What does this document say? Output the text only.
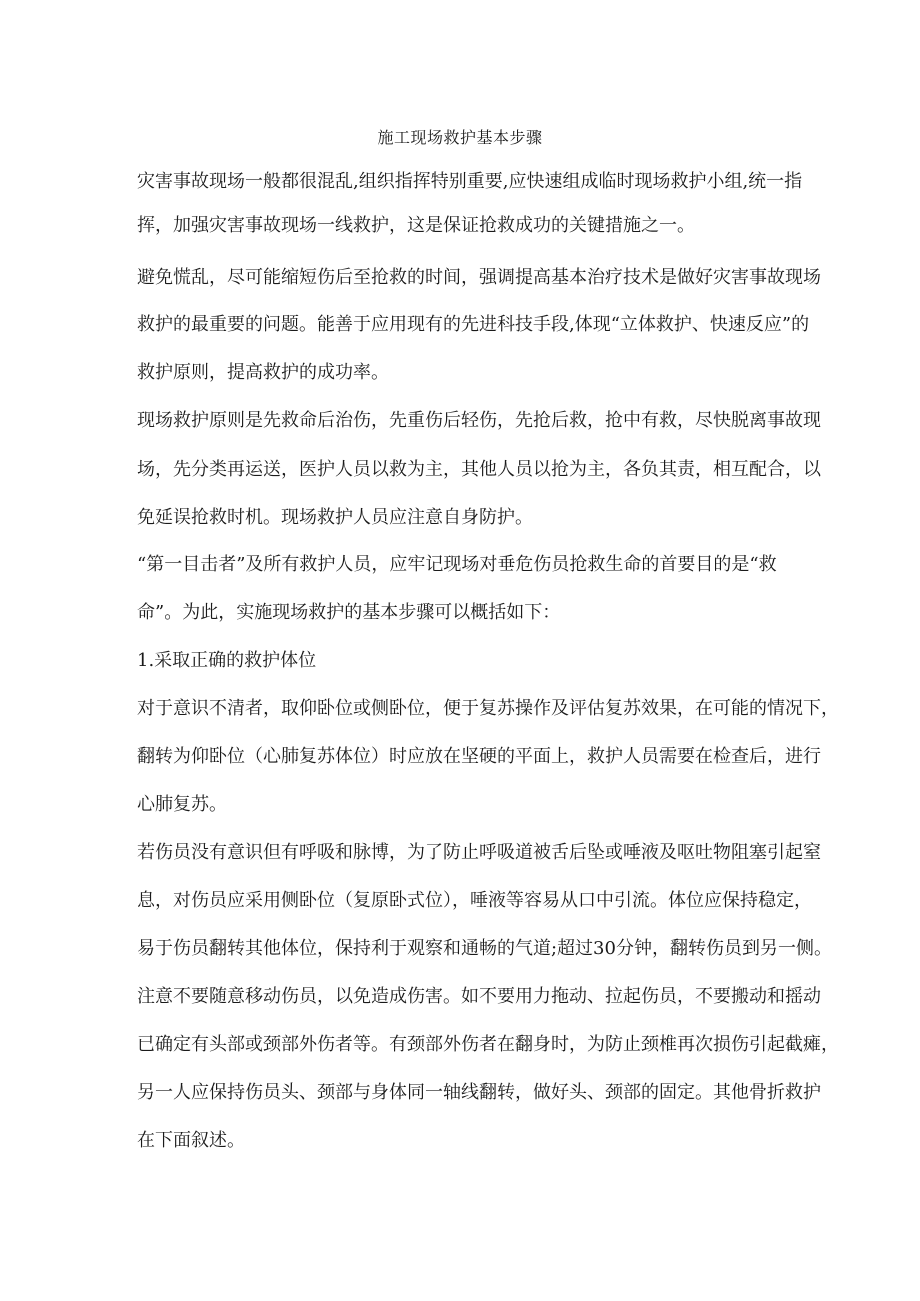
施工现场救护基本步骤
灾害事故现场一般都很混乱,组织指挥特别重要,应快速组成临时现场救护小组,统一指
挥，加强灾害事故现场一线救护，这是保证抢救成功的关键措施之一。
避免慌乱，尽可能缩短伤后至抢救的时间，强调提高基本治疗技术是做好灾害事故现场
救护的最重要的问题。能善于应用现有的先进科技手段,体现“立体救护、快速反应”的
救护原则，提高救护的成功率。
现场救护原则是先救命后治伤，先重伤后轻伤，先抢后救，抢中有救，尽快脱离事故现
场，先分类再运送，医护人员以救为主，其他人员以抢为主，各负其责，相互配合，以
免延误抢救时机。现场救护人员应注意自身防护。
“第一目击者”及所有救护人员，应牢记现场对垂危伤员抢救生命的首要目的是“救
命”。为此，实施现场救护的基本步骤可以概括如下：
1.采取正确的救护体位
对于意识不清者，取仰卧位或侧卧位，便于复苏操作及评估复苏效果，在可能的情况下，
翻转为仰卧位（心肺复苏体位）时应放在坚硬的平面上，救护人员需要在检查后，进行
心肺复苏。
若伤员没有意识但有呼吸和脉博，为了防止呼吸道被舌后坠或唾液及呕吐物阻塞引起窒
息，对伤员应采用侧卧位（复原卧式位），唾液等容易从口中引流。体位应保持稳定，
易于伤员翻转其他体位，保持利于观察和通畅的气道;超过30分钟，翻转伤员到另一侧。
注意不要随意移动伤员，以免造成伤害。如不要用力拖动、拉起伤员，不要搬动和摇动
已确定有头部或颈部外伤者等。有颈部外伤者在翻身时，为防止颈椎再次损伤引起截瘫，
另一人应保持伤员头、颈部与身体同一轴线翻转，做好头、颈部的固定。其他骨折救护
在下面叙述。
